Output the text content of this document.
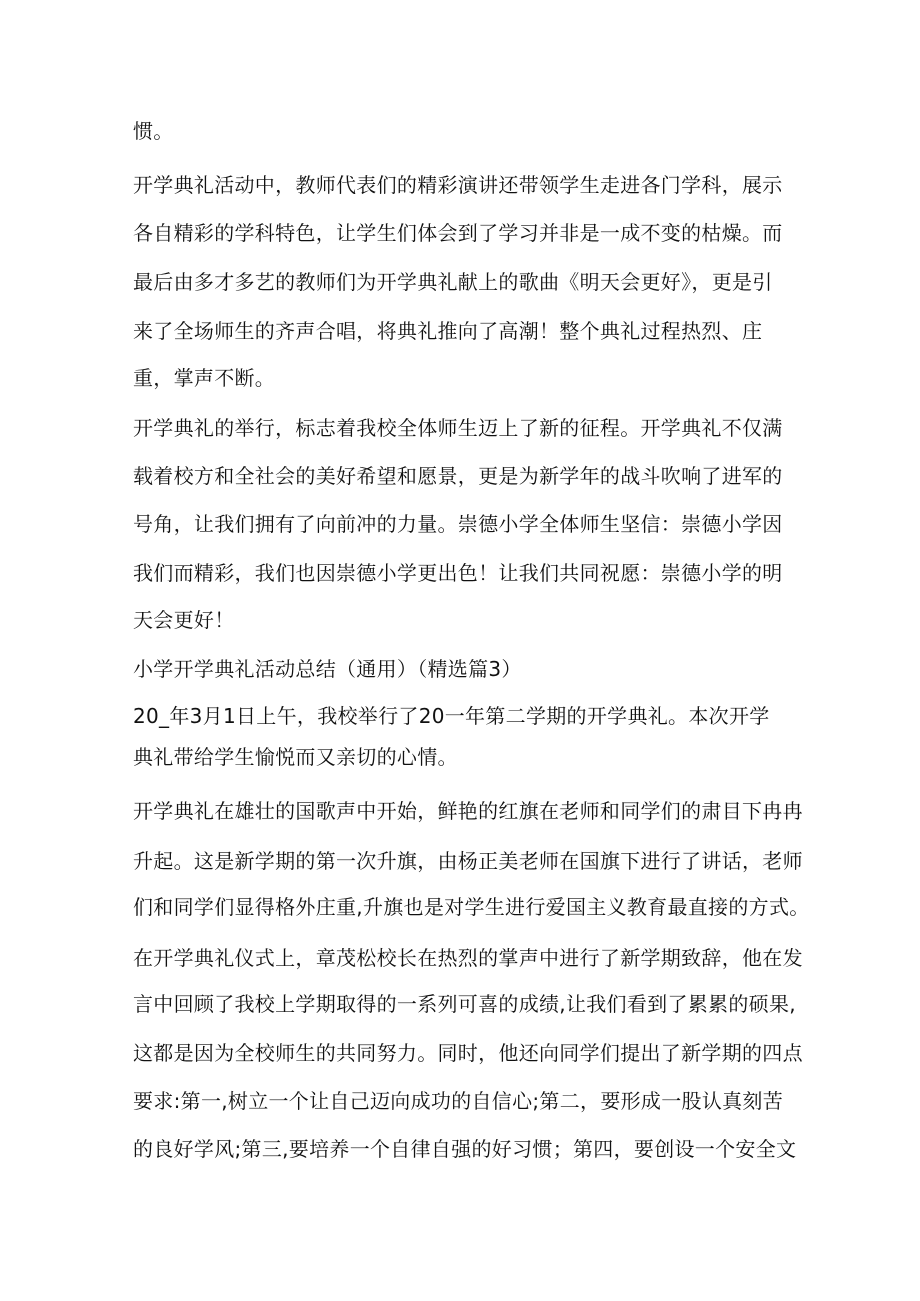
惯。
开学典礼活动中，教师代表们的精彩演讲还带领学生走进各门学科，展示
各自精彩的学科特色，让学生们体会到了学习并非是一成不变的枯燥。而
最后由多才多艺的教师们为开学典礼献上的歌曲《明天会更好》，更是引
来了全场师生的齐声合唱，将典礼推向了高潮！整个典礼过程热烈、庄
重，掌声不断。
开学典礼的举行，标志着我校全体师生迈上了新的征程。开学典礼不仅满
载着校方和全社会的美好希望和愿景，更是为新学年的战斗吹响了进军的
号角，让我们拥有了向前冲的力量。崇德小学全体师生坚信：崇德小学因
我们而精彩，我们也因崇德小学更出色！让我们共同祝愿：崇德小学的明
天会更好！
小学开学典礼活动总结（通用）（精选篇3）
20_年3月1日上午，我校举行了20一年第二学期的开学典礼。本次开学
典礼带给学生愉悦而又亲切的心情。
开学典礼在雄壮的国歌声中开始，鲜艳的红旗在老师和同学们的肃目下冉冉
升起。这是新学期的第一次升旗，由杨正美老师在国旗下进行了讲话，老师
们和同学们显得格外庄重,升旗也是对学生进行爱国主义教育最直接的方式。
在开学典礼仪式上，章茂松校长在热烈的掌声中进行了新学期致辞，他在发
言中回顾了我校上学期取得的一系列可喜的成绩,让我们看到了累累的硕果,
这都是因为全校师生的共同努力。同时，他还向同学们提出了新学期的四点
要求:第一,树立一个让自己迈向成功的自信心;第二，要形成一股认真刻苦
的良好学风;第三,要培养一个自律自强的好习惯；第四，要创设一个安全文
